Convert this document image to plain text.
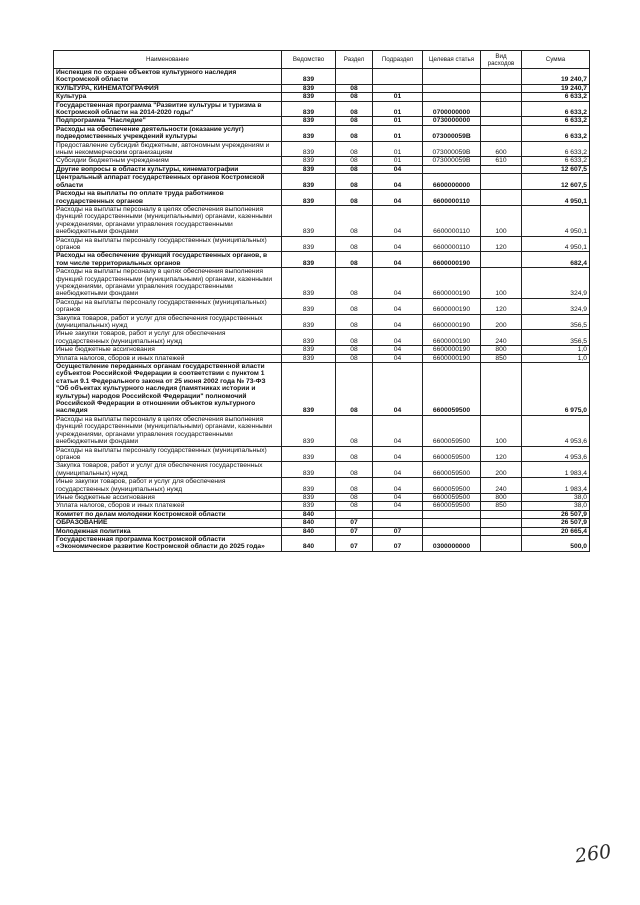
Наименование	Ведомство	Раздел	Подраздел	Целевая статья	Вид расходов	Сумма
Инспекция по охране объектов культурного наследия Костромской области	839					19 240,7
КУЛЬТУРА, КИНЕМАТОГРАФИЯ	839	08				19 240,7
Культура	839	08	01			6 633,2
Государственная программа "Развитие культуры и туризма в Костромской области на 2014-2020 годы"	839	08	01	0700000000		6 633,2
Подпрограмма "Наследие"	839	08	01	0730000000		6 633,2
Расходы на обеспечение деятельности (оказание услуг) подведомственных учреждений культуры	839	08	01	073000059В		6 633,2
Предоставление субсидий бюджетным, автономным учреждениям и иным некоммерческим организациям	839	08	01	073000059В	600	6 633,2
Субсидии бюджетным учреждениям	839	08	01	073000059В	610	6 633,2
Другие вопросы в области культуры, кинематографии	839	08	04			12 607,5
Центральный аппарат государственных органов Костромской области	839	08	04	6600000000		12 607,5
Расходы на выплаты по оплате труда работников государственных органов	839	08	04	6600000110		4 950,1
Расходы на выплаты персоналу в целях обеспечения выполнения функций государственными (муниципальными) органами, казенными учреждениями, органами управления государственными внебюджетными фондами	839	08	04	6600000110	100	4 950,1
Расходы на выплаты персоналу государственных (муниципальных) органов	839	08	04	6600000110	120	4 950,1
Расходы на обеспечение функций государственных органов, в том числе территориальных органов	839	08	04	6600000190		682,4
Расходы на выплаты персоналу в целях обеспечения выполнения функций государственными (муниципальными) органами, казенными учреждениями, органами управления государственными внебюджетными фондами	839	08	04	6600000190	100	324,9
Расходы на выплаты персоналу государственных (муниципальных) органов	839	08	04	6600000190	120	324,9
Закупка товаров, работ и услуг для обеспечения государственных (муниципальных) нужд	839	08	04	6600000190	200	356,5
Иные закупки товаров, работ и услуг для обеспечения государственных (муниципальных) нужд	839	08	04	6600000190	240	356,5
Иные бюджетные ассигнования	839	08	04	6600000190	800	1,0
Уплата налогов, сборов и иных платежей	839	08	04	6600000190	850	1,0
Осуществление переданных органам государственной власти субъектов Российской Федерации в соответствии с пунктом 1 статьи 9.1 Федерального закона от 25 июня 2002 года № 73-ФЗ "Об объектах культурного наследия (памятниках истории и культуры) народов Российской Федерации" полномочий Российской Федерации в отношении объектов культурного наследия	839	08	04	6600059500		6 975,0
Расходы на выплаты персоналу в целях обеспечения выполнения функций государственными (муниципальными) органами, казенными учреждениями, органами управления государственными внебюджетными фондами	839	08	04	6600059500	100	4 953,6
Расходы на выплаты персоналу государственных (муниципальных) органов	839	08	04	6600059500	120	4 953,6
Закупка товаров, работ и услуг для обеспечения государственных (муниципальных) нужд	839	08	04	6600059500	200	1 983,4
Иные закупки товаров, работ и услуг для обеспечения государственных (муниципальных) нужд	839	08	04	6600059500	240	1 983,4
Иные бюджетные ассигнования	839	08	04	6600059500	800	38,0
Уплата налогов, сборов и иных платежей	839	08	04	6600059500	850	38,0
Комитет по делам молодежи Костромской области	840					26 507,9
ОБРАЗОВАНИЕ	840	07				26 507,9
Молодежная политика	840	07	07			20 665,4
Государственная программа Костромской области «Экономическое развитие Костромской области до 2025 года»	840	07	07	0300000000		500,0
260
